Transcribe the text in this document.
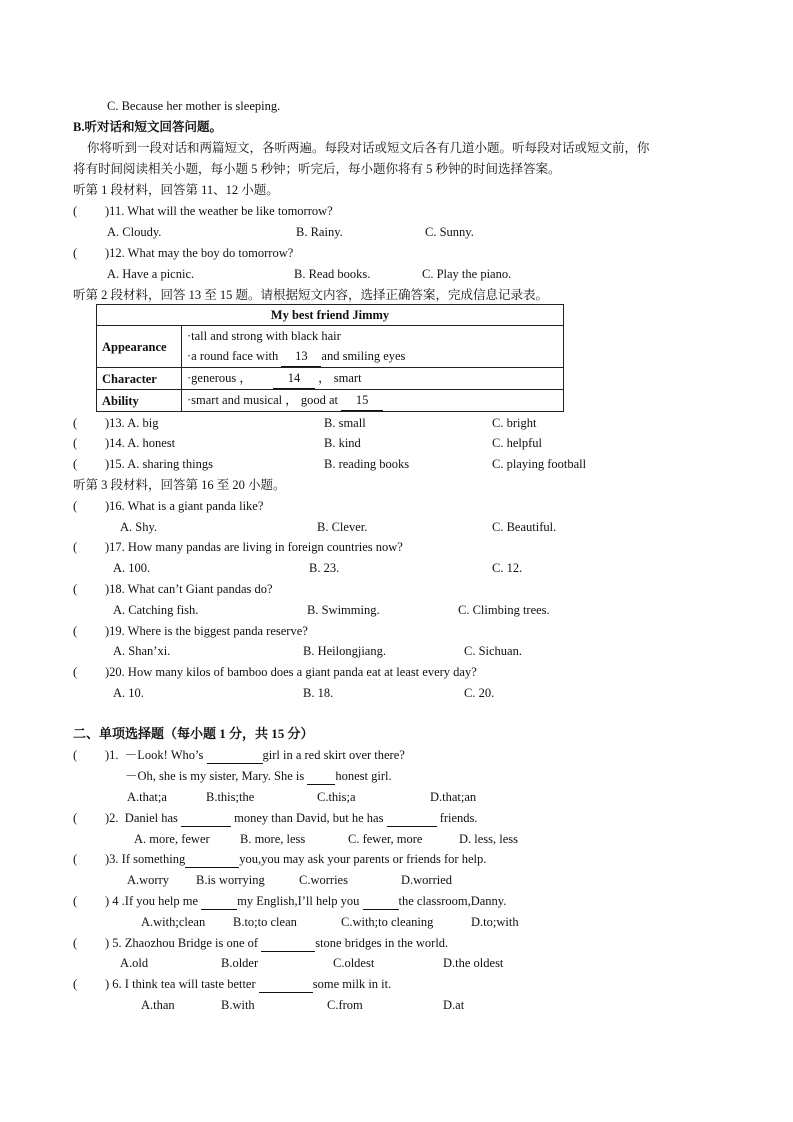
C. Because her mother is sleeping.
B.听对话和短文回答问题。
你将听到一段对话和两篇短文，各听两遍。每段对话或短文后各有几道小题。听每段对话或短文前，你
将有时间阅读相关小题，每小题 5 秒钟；听完后，每小题你将有 5 秒钟的时间选择答案。
听第 1 段材料，回答第 11、12 小题。
( )11. What will the weather be like tomorrow?
A. Cloudy.	B. Rainy.	C. Sunny.
( )12. What may the boy do tomorrow?
A. Have a picnic.	B. Read books.	C. Play the piano.
听第 2 段材料，回答 13 至 15 题。请根据短文内容，选择正确答案，完成信息记录表。
My best friend Jimmy	
Appearance	·tall and strong with black hair
	·a round face with 13 and smiling eyes
Character	·generous ， 14 ， smart
Ability	·smart and musical ， good at 15
( )13. A. big	B. small	C. bright
( )14. A. honest	B. kind	C. helpful
( )15. A. sharing things	B. reading books	C. playing football
听第 3 段材料，回答第 16 至 20 小题。
( )16. What is a giant panda like?
A. Shy.	B. Clever.	C. Beautiful.
( )17. How many pandas are living in foreign countries now?
A. 100.	B. 23.	C. 12.
( )18. What can’t Giant pandas do?
A. Catching fish.	B. Swimming.	C. Climbing trees.
( )19. Where is the biggest panda reserve?
A. Shan’xi.	B. Heilongjiang.	C. Sichuan.
( )20. How many kilos of bamboo does a giant panda eat at least every day?
A. 10.	B. 18.	C. 20.
二、单项选择题（每小题 1 分，共 15 分）
( )1.  －Look! Who’s	girl in a red skirt over there?
－Oh, she is my sister, Mary. She is  honest girl.
A.that;a	B.this;the	C.this;a	D.that;an
( )2.  Daniel has	money than David, but he has	friends.
A. more, fewer B. more, less	C. fewer, more	D. less, less
( )3. If something	you,you may ask your parents or friends for help.
A.worry B.is worrying	C.worries	D.worried
( ) 4 .If you help me	my English,I’ll help you	the classroom,Danny.
A.with;clean B.to;to clean	C.with;to cleaning	D.to;with
( ) 5. Zhaozhou Bridge is one of	stone bridges in the world.
A.old	B.older	C.oldest	D.the oldest
( ) 6. I think tea will taste better	some milk in it.
A.than	B.with	C.from	D.at
